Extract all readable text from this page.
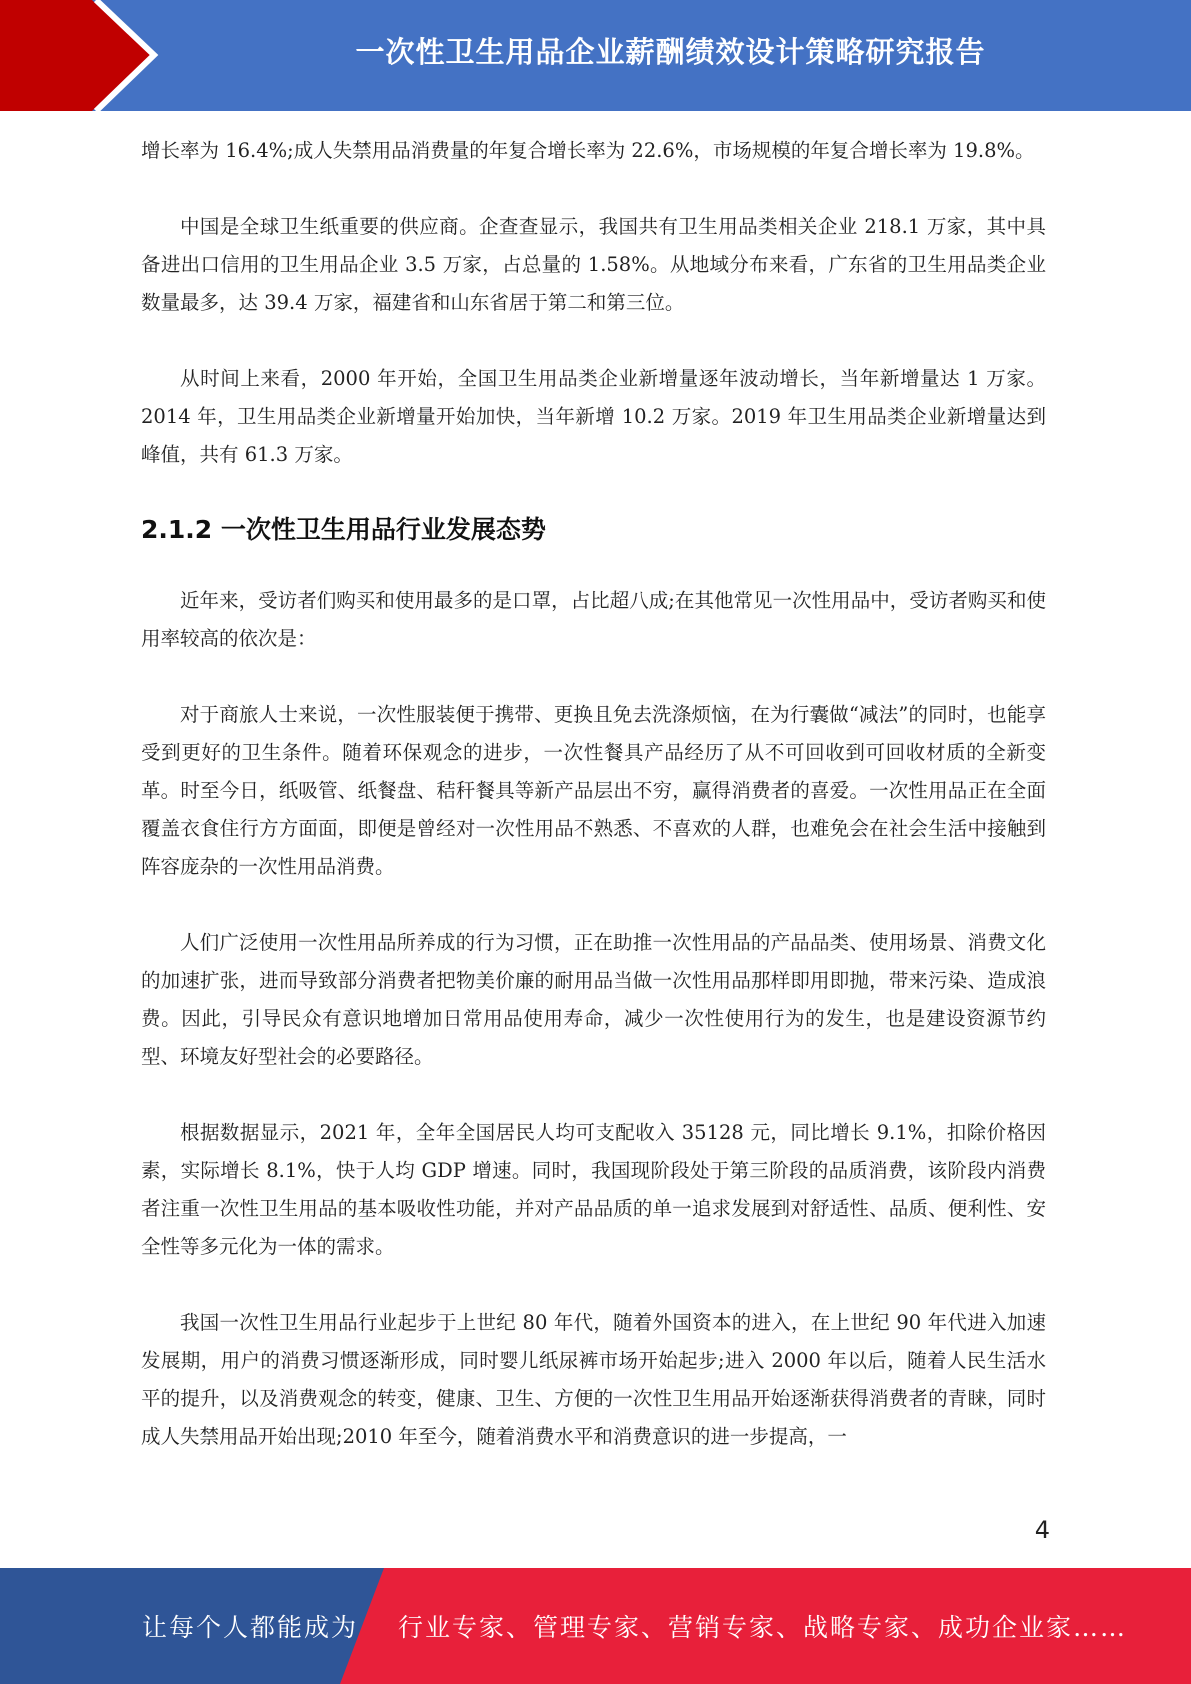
一次性卫生用品企业薪酬绩效设计策略研究报告

增长率为 16.4%;成人失禁用品消费量的年复合增长率为 22.6%，市场规模的年复合增长率为 19.8%。

中国是全球卫生纸重要的供应商。企查查显示，我国共有卫生用品类相关企业 218.1 万家，其中具备进出口信用的卫生用品企业 3.5 万家，占总量的 1.58%。从地域分布来看，广东省的卫生用品类企业数量最多，达 39.4 万家，福建省和山东省居于第二和第三位。

从时间上来看，2000 年开始，全国卫生用品类企业新增量逐年波动增长，当年新增量达 1 万家。2014 年，卫生用品类企业新增量开始加快，当年新增 10.2 万家。2019 年卫生用品类企业新增量达到峰值，共有 61.3 万家。

2.1.2 一次性卫生用品行业发展态势

近年来，受访者们购买和使用最多的是口罩，占比超八成;在其他常见一次性用品中，受访者购买和使用率较高的依次是：

对于商旅人士来说，一次性服装便于携带、更换且免去洗涤烦恼，在为行囊做“减法”的同时，也能享受到更好的卫生条件。随着环保观念的进步，一次性餐具产品经历了从不可回收到可回收材质的全新变革。时至今日，纸吸管、纸餐盘、秸秆餐具等新产品层出不穷，赢得消费者的喜爱。一次性用品正在全面覆盖衣食住行方方面面，即便是曾经对一次性用品不熟悉、不喜欢的人群，也难免会在社会生活中接触到阵容庞杂的一次性用品消费。

人们广泛使用一次性用品所养成的行为习惯，正在助推一次性用品的产品品类、使用场景、消费文化的加速扩张，进而导致部分消费者把物美价廉的耐用品当做一次性用品那样即用即抛，带来污染、造成浪费。因此，引导民众有意识地增加日常用品使用寿命，减少一次性使用行为的发生，也是建设资源节约型、环境友好型社会的必要路径。

根据数据显示，2021 年，全年全国居民人均可支配收入 35128 元，同比增长 9.1%，扣除价格因素，实际增长 8.1%，快于人均 GDP 增速。同时，我国现阶段处于第三阶段的品质消费，该阶段内消费者注重一次性卫生用品的基本吸收性功能，并对产品品质的单一追求发展到对舒适性、品质、便利性、安全性等多元化为一体的需求。

我国一次性卫生用品行业起步于上世纪 80 年代，随着外国资本的进入，在上世纪 90 年代进入加速发展期，用户的消费习惯逐渐形成，同时婴儿纸尿裤市场开始起步;进入 2000 年以后，随着人民生活水平的提升，以及消费观念的转变，健康、卫生、方便的一次性卫生用品开始逐渐获得消费者的青睐，同时成人失禁用品开始出现;2010 年至今，随着消费水平和消费意识的进一步提高，一

4
让每个人都能成为 行业专家、管理专家、营销专家、战略专家、成功企业家……
